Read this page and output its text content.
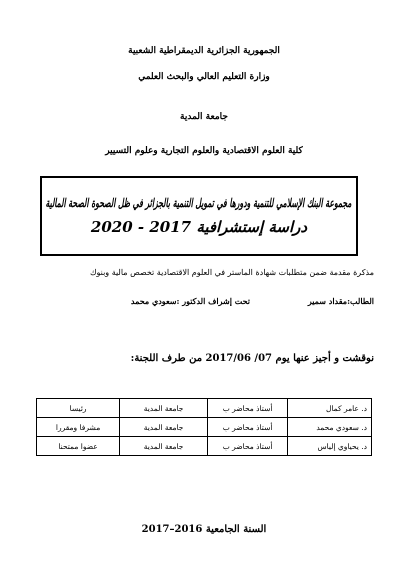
الجمهورية الجزائرية الديمقراطية الشعبية
وزارة التعليم العالي والبحث العلمي
جامعة المدية
كلية العلوم الاقتصادية والعلوم التجارية وعلوم التسيير
مجموعة البنك الإسلامي للتنمية ودورها في تمويل التنمية بالجزائر في ظل الصحوة الصحة المالية
دراسة إستشرافية 2017 - 2020
مذكرة مقدمة ضمن متطلبات شهادة الماستر في العلوم الاقتصادية تخصص مالية وبنوك
الطالب:مقداد سمير
تحت إشراف الدكتور :سعودي محمد
نوقشت و أجيز عنها يوم 07/ 2017/06 من طرف اللجنة:
د. عامر كمال	أستاذ محاضر ب	جامعة المدية	رئيسا
د. سعودي محمد	أستاذ محاضر ب	جامعة المدية	مشرفا ومقررا
د. يحياوي إلياس	أستاذ محاضر ب	جامعة المدية	عضوا ممتحنا
السنة الجامعية 2016–2017
